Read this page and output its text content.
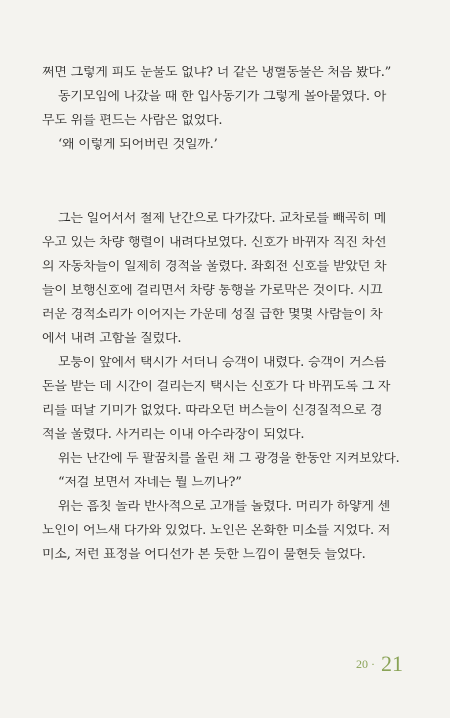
쩌면 그렇게 피도 눈물도 없냐? 너 같은 냉혈동물은 처음 봤다.”
동기모임에 나갔을 때 한 입사동기가 그렇게 몰아붙였다. 아
무도 위를 편드는 사람은 없었다.
‘왜 이렇게 되어버린 것일까.’
그는 일어서서 철제 난간으로 다가갔다. 교차로를 빼곡히 메
우고 있는 차량 행렬이 내려다보였다. 신호가 바뀌자 직진 차선
의 자동차들이 일제히 경적을 울렸다. 좌회전 신호를 받았던 차
들이 보행신호에 걸리면서 차량 통행을 가로막은 것이다. 시끄
러운 경적소리가 이어지는 가운데 성질 급한 몇몇 사람들이 차
에서 내려 고함을 질렀다.
모퉁이 앞에서 택시가 서더니 승객이 내렸다. 승객이 거스름
돈을 받는 데 시간이 걸리는지 택시는 신호가 다 바뀌도록 그 자
리를 떠날 기미가 없었다. 따라오던 버스들이 신경질적으로 경
적을 울렸다. 사거리는 이내 아수라장이 되었다.
위는 난간에 두 팔꿈치를 올린 채 그 광경을 한동안 지켜보았다.
“저걸 보면서 자네는 뭘 느끼나?”
위는 흠칫 놀라 반사적으로 고개를 돌렸다. 머리가 하얗게 센
노인이 어느새 다가와 있었다. 노인은 온화한 미소를 지었다. 저
미소, 저런 표정을 어디선가 본 듯한 느낌이 불현듯 들었다.
20 · 21
